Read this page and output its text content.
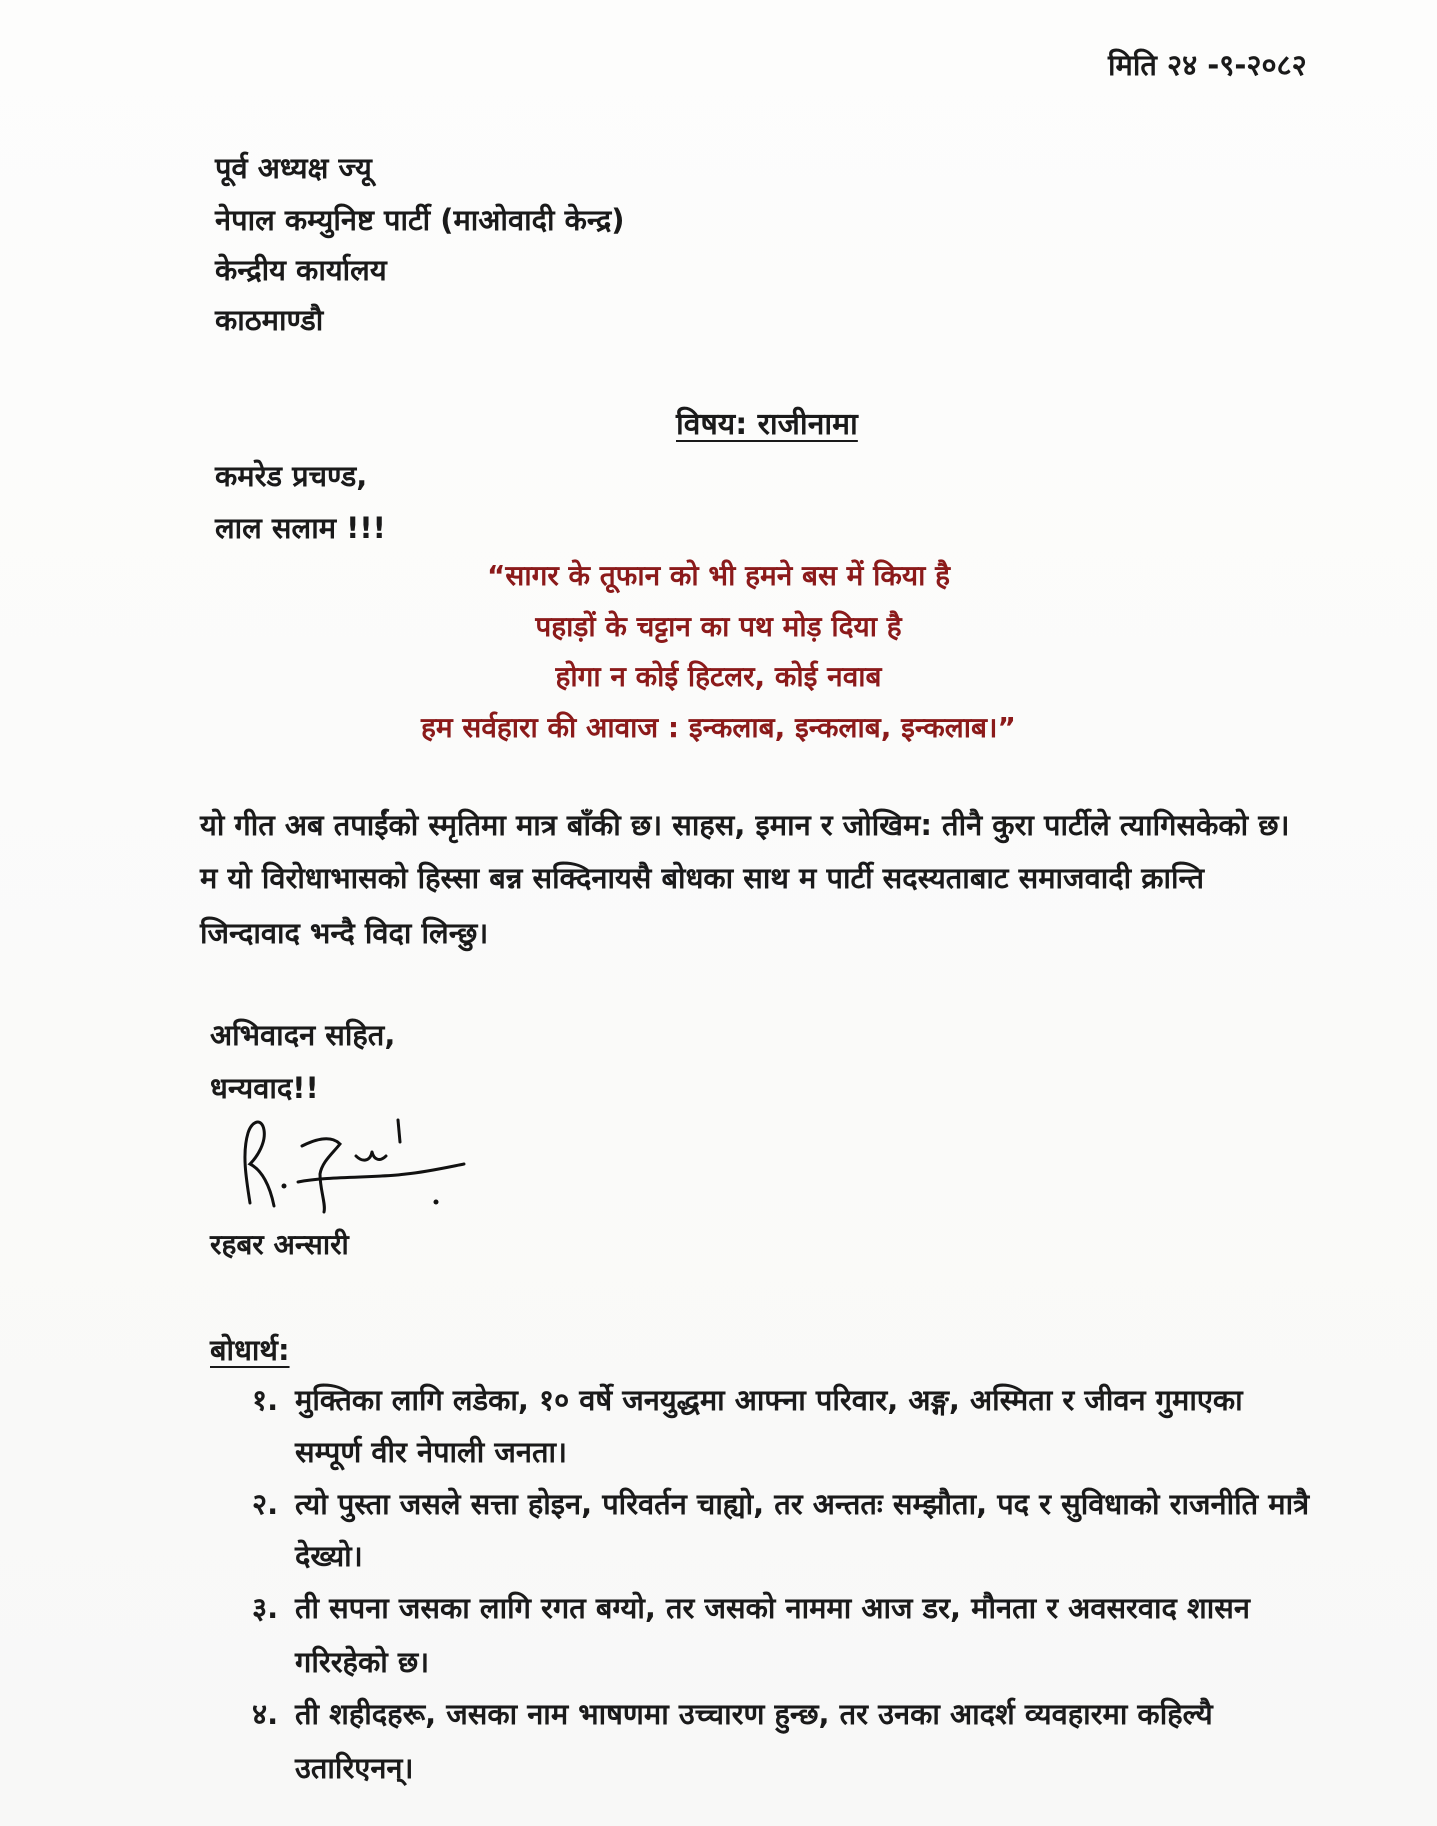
मिति २४ -९-२०८२
पूर्व अध्यक्ष ज्यू
नेपाल कम्युनिष्ट पार्टी (माओवादी केन्द्र)
केन्द्रीय कार्यालय
काठमाण्डौ
विषय: राजीनामा
कमरेड प्रचण्ड,
लाल सलाम !!!
“सागर के तूफान को भी हमने बस में किया है
पहाड़ों के चट्टान का पथ मोड़ दिया है
होगा न कोई हिटलर, कोई नवाब
हम सर्वहारा की आवाज : इन्कलाब, इन्कलाब, इन्कलाब।”
यो गीत अब तपाईंको स्मृतिमा मात्र बाँकी छ। साहस, इमान र जोखिम: तीनै कुरा पार्टीले त्यागिसकेको छ।
म यो विरोधाभासको हिस्सा बन्न सक्दिनायसै बोधका साथ म पार्टी सदस्यताबाट समाजवादी क्रान्ति
जिन्दावाद भन्दै विदा लिन्छु।
अभिवादन सहित,
धन्यवाद!!
रहबर अन्सारी
बोधार्थ:
१. मुक्तिका लागि लडेका, १० वर्षे जनयुद्धमा आफ्ना परिवार, अङ्ग, अस्मिता र जीवन गुमाएका
सम्पूर्ण वीर नेपाली जनता।
२. त्यो पुस्ता जसले सत्ता होइन, परिवर्तन चाह्यो, तर अन्ततः सम्झौता, पद र सुविधाको राजनीति मात्रै
देख्यो।
३. ती सपना जसका लागि रगत बग्यो, तर जसको नाममा आज डर, मौनता र अवसरवाद शासन
गरिरहेको छ।
४. ती शहीदहरू, जसका नाम भाषणमा उच्चारण हुन्छ, तर उनका आदर्श व्यवहारमा कहिल्यै
उतारिएनन्।
